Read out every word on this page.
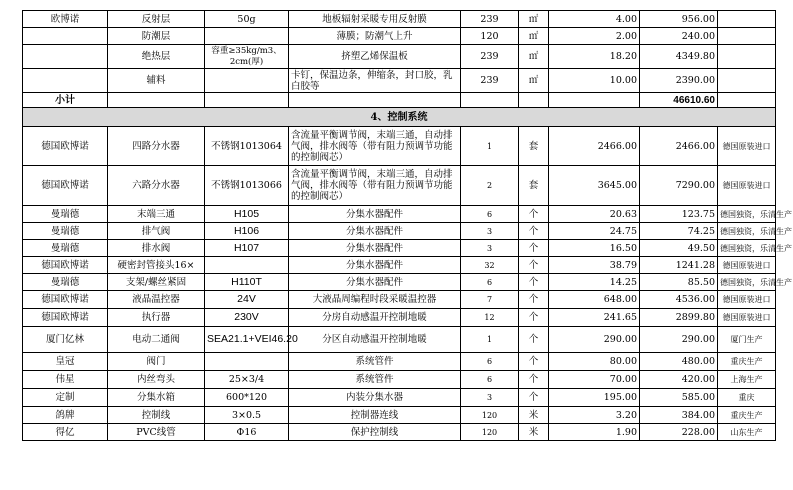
欧博诺	反射层	50g	地板辐射采暖专用反射膜	239	㎡	4.00	956.00	
	防潮层		薄膜；防潮气上升	120	㎡	2.00	240.00	
	绝热层	容重≥35kg/m3、2cm(厚)	挤塑乙烯保温板	239	㎡	18.20	4349.80	
	辅料		卡钉，保温边条，伸缩条，封口胶，乳白胶等	239	㎡	10.00	2390.00	
小计							46610.60	
4、控制系统								
德国欧博诺	四路分水器	不锈钢1013064	含流量平衡调节阀，末端三通，自动排气阀，排水阀等（带有阻力预调节功能的控制阀芯）	1	套	2466.00	2466.00	德国原装进口
德国欧博诺	六路分水器	不锈钢1013066	含流量平衡调节阀，末端三通，自动排气阀，排水阀等（带有阻力预调节功能的控制阀芯）	2	套	3645.00	7290.00	德国原装进口
曼瑞德	末端三通	H105	分集水器配件	6	个	20.63	123.75	德国独资，乐清生产
曼瑞德	排气阀	H106	分集水器配件	3	个	24.75	74.25	德国独资，乐清生产
曼瑞德	排水阀	H107	分集水器配件	3	个	16.50	49.50	德国独资，乐清生产
德国欧博诺	硬密封管接头16×		分集水器配件	32	个	38.79	1241.28	德国原装进口
曼瑞德	支架/螺丝紧固	H110T	分集水器配件	6	个	14.25	85.50	德国独资，乐清生产
德国欧博诺	液晶温控器	24V	大液晶周编程时段采暖温控器	7	个	648.00	4536.00	德国原装进口
德国欧博诺	执行器	230V	分房自动感温开控制地暖	12	个	241.65	2899.80	德国原装进口
厦门亿林	电动二通阀	SEA21.1+VEI46.20	分区自动感温开控制地暖	1	个	290.00	290.00	厦门生产
皇冠	阀门		系统管件	6	个	80.00	480.00	重庆生产
伟星	内丝弯头	25×3/4	系统管件	6	个	70.00	420.00	上海生产
定制	分集水箱	600*120	内装分集水器	3	个	195.00	585.00	重庆
鸽牌	控制线	3×0.5	控制器连线	120	米	3.20	384.00	重庆生产
得亿	PVC线管	Φ16	保护控制线	120	米	1.90	228.00	山东生产
